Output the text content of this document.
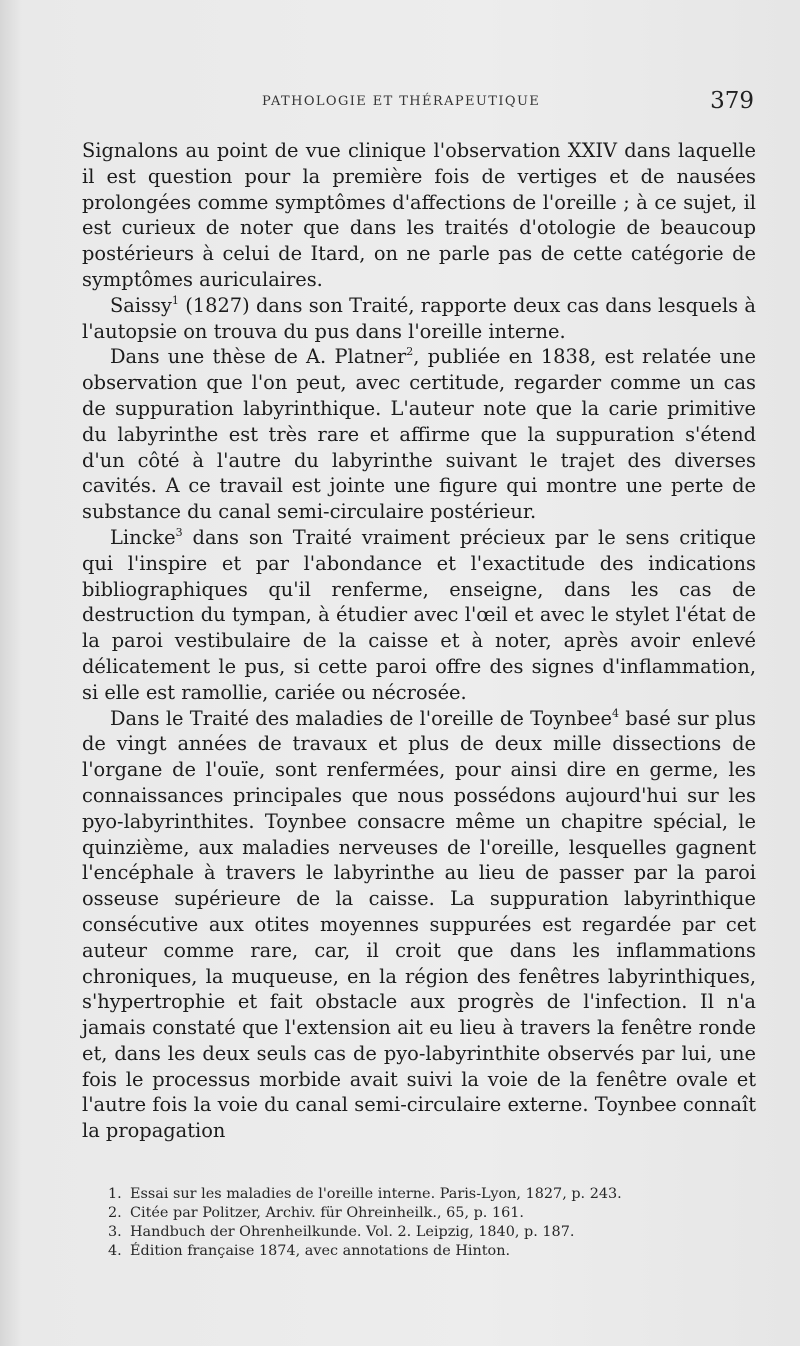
PATHOLOGIE ET THÉRAPEUTIQUE	379

Signalons au point de vue clinique l'observation XXIV dans laquelle il est question pour la première fois de vertiges et de nausées prolongées comme symptômes d'affections de l'oreille ; à ce sujet, il est curieux de noter que dans les traités d'otologie de beaucoup postérieurs à celui de Itard, on ne parle pas de cette catégorie de symptômes auriculaires.

Saissy$^1$ (1827) dans son Traité, rapporte deux cas dans lesquels à l'autopsie on trouva du pus dans l'oreille interne.

Dans une thèse de A. Platner$^2$, publiée en 1838, est relatée une observation que l'on peut, avec certitude, regarder comme un cas de suppuration labyrinthique. L'auteur note que la carie primitive du labyrinthe est très rare et affirme que la suppuration s'étend d'un côté à l'autre du labyrinthe suivant le trajet des diverses cavités. A ce travail est jointe une figure qui montre une perte de substance du canal semi-circulaire postérieur.

Lincke$^3$ dans son Traité vraiment précieux par le sens critique qui l'inspire et par l'abondance et l'exactitude des indications bibliographiques qu'il renferme, enseigne, dans les cas de destruction du tympan, à étudier avec l'œil et avec le stylet l'état de la paroi vestibulaire de la caisse et à noter, après avoir enlevé délicatement le pus, si cette paroi offre des signes d'inflammation, si elle est ramollie, cariée ou nécrosée.

Dans le Traité des maladies de l'oreille de Toynbee$^4$ basé sur plus de vingt années de travaux et plus de deux mille dissections de l'organe de l'ouïe, sont renfermées, pour ainsi dire en germe, les connaissances principales que nous possédons aujourd'hui sur les pyo-labyrinthites. Toynbee consacre même un chapitre spécial, le quinzième, aux maladies nerveuses de l'oreille, lesquelles gagnent l'encéphale à travers le labyrinthe au lieu de passer par la paroi osseuse supérieure de la caisse. La suppuration labyrinthique consécutive aux otites moyennes suppurées est regardée par cet auteur comme rare, car, il croit que dans les inflammations chroniques, la muqueuse, en la région des fenêtres labyrinthiques, s'hypertrophie et fait obstacle aux progrès de l'infection. Il n'a jamais constaté que l'extension ait eu lieu à travers la fenêtre ronde et, dans les deux seuls cas de pyo-labyrinthite observés par lui, une fois le processus morbide avait suivi la voie de la fenêtre ovale et l'autre fois la voie du canal semi-circulaire externe. Toynbee connaît la propagation

1. Essai sur les maladies de l'oreille interne. Paris-Lyon, 1827, p. 243.

2. Citée par Politzer, Archiv. für Ohreinheilk., 65, p. 161.

3. Handbuch der Ohrenheilkunde. Vol. 2. Leipzig, 1840, p. 187.

4. Édition française 1874, avec annotations de Hinton.
